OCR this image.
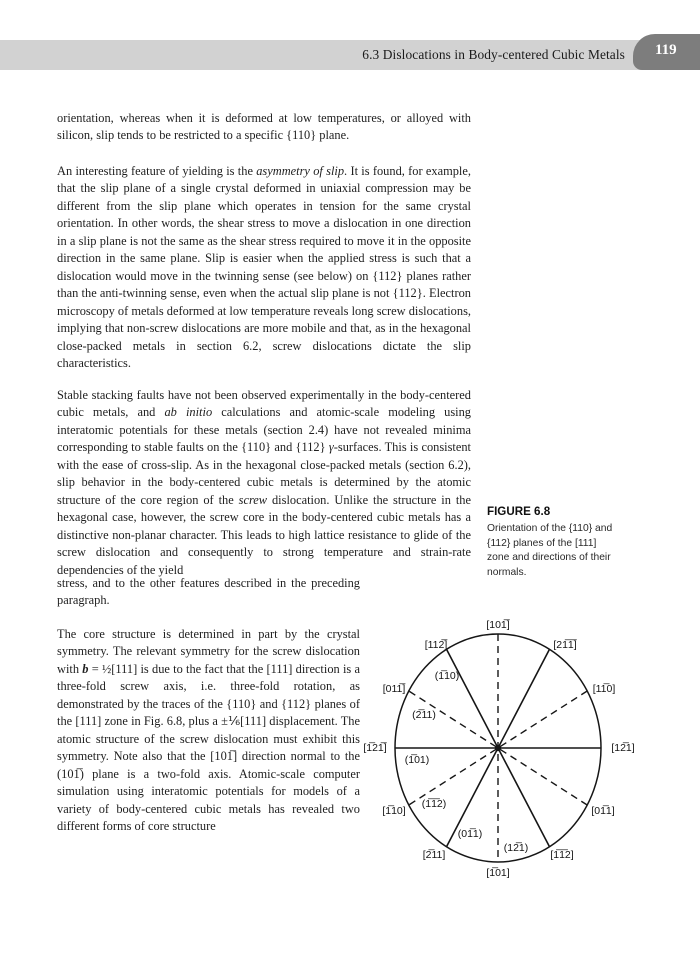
6.3 Dislocations in Body-centered Cubic Metals 119

orientation, whereas when it is deformed at low temperatures, or alloyed with silicon, slip tends to be restricted to a specific {110} plane.

An interesting feature of yielding is the asymmetry of slip. It is found, for example, that the slip plane of a single crystal deformed in uniaxial compression may be different from the slip plane which operates in tension for the same crystal orientation. In other words, the shear stress to move a dislocation in one direction in a slip plane is not the same as the shear stress required to move it in the opposite direction in the same plane. Slip is easier when the applied stress is such that a dislocation would move in the twinning sense (see below) on {112} planes rather than the anti-twinning sense, even when the actual slip plane is not {112}. Electron microscopy of metals deformed at low temperature reveals long screw dislocations, implying that non-screw dislocations are more mobile and that, as in the hexagonal close-packed metals in section 6.2, screw dislocations dictate the slip characteristics.

Stable stacking faults have not been observed experimentally in the body-centered cubic metals, and ab initio calculations and atomic-scale modeling using interatomic potentials for these metals (section 2.4) have not revealed minima corresponding to stable faults on the {110} and {112} γ-surfaces. This is consistent with the ease of cross-slip. As in the hexagonal close-packed metals (section 6.2), slip behavior in the body-centered cubic metals is determined by the atomic structure of the core region of the screw dislocation. Unlike the structure in the hexagonal case, however, the screw core in the body-centered cubic metals has a distinctive non-planar character. This leads to high lattice resistance to glide of the screw dislocation and consequently to strong temperature and strain-rate dependencies of the yield

stress, and to the other features described in the preceding paragraph.

The core structure is determined in part by the crystal symmetry. The relevant symmetry for the screw dislocation with b = ½[111] is due to the fact that the [111] direction is a three-fold screw axis, i.e. three-fold rotation, as demonstrated by the traces of the {110} and {112} planes of the [111] zone in Fig. 6.8, plus a ±⅙[111] displacement. The atomic structure of the screw dislocation must exhibit this symmetry. Note also that the [101̅] direction normal to the (101̅) plane is a two-fold axis. Atomic-scale computer simulation using interatomic potentials for models of a variety of body-centered cubic metals has revealed two different forms of core structure

FIGURE 6.8
Orientation of the {110} and {112} planes of the [111] zone and directions of their normals.
[101̅]
[112̅]	[21̅1̅]
[011̅]	[11̅0]
[1̅21̅]	[12̅1]
[1̅10]	[01̅1]
[2̅11]	[1̅1̅2]
[1̅01]
(1̅10)
(2̅11)
(1̅01)
(1̅1̅2)
(01̅1)
(12̅1)
